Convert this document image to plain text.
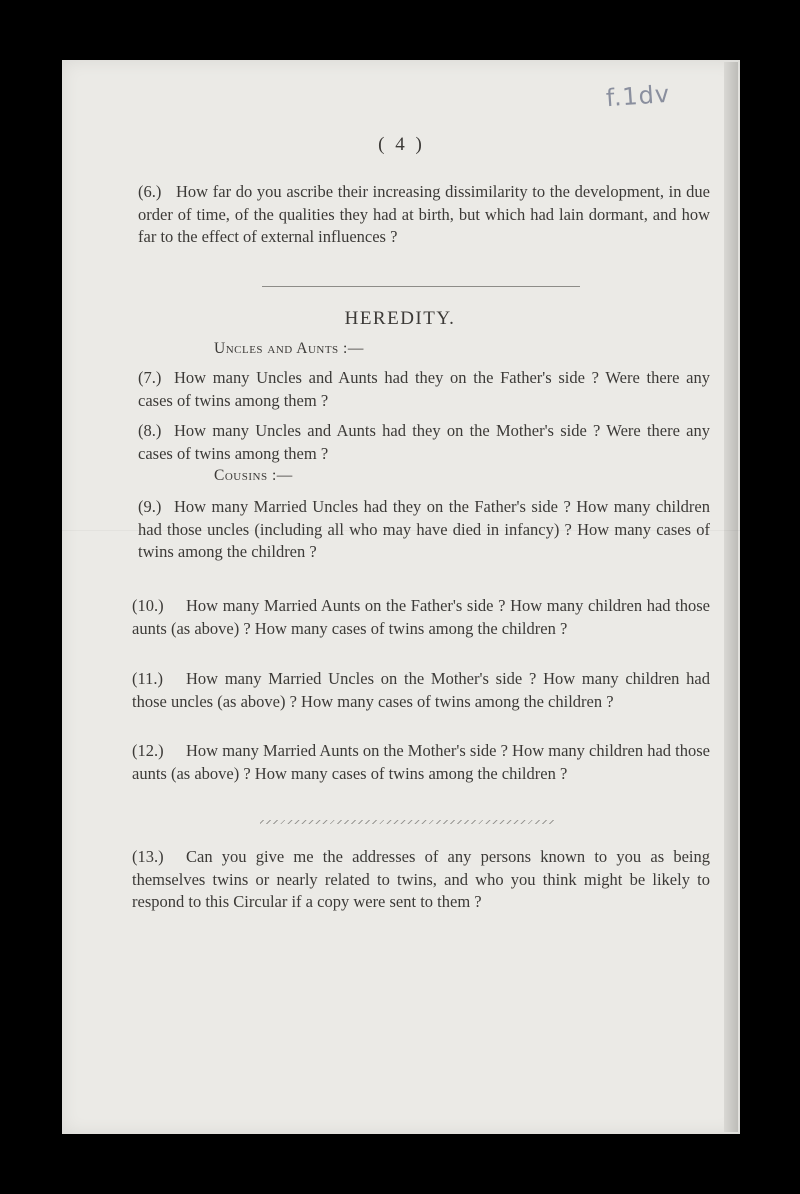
f.1dv
( 4 )
(6.) How far do you ascribe their increasing dissimilarity to the development, in due order of time, of the qualities they had at birth, but which had lain dormant, and how far to the effect of external influences ?
HEREDITY.
Uncles and Aunts :—
(7.) How many Uncles and Aunts had they on the Father's side ? Were there any cases of twins among them ?
(8.) How many Uncles and Aunts had they on the Mother's side ? Were there any cases of twins among them ?
Cousins :—
(9.) How many Married Uncles had they on the Father's side ? How many children had those uncles (including all who may have died in infancy) ? How many cases of twins among the children ?
(10.)	How many Married Aunts on the Father's side ? How many children had those aunts (as above) ? How many cases of twins among the children ?
(11.)	How many Married Uncles on the Mother's side ? How many children had those uncles (as above) ? How many cases of twins among the children ?
(12.)	How many Married Aunts on the Mother's side ? How many children had those aunts (as above) ? How many cases of twins among the children ?
(13.)	Can you give me the addresses of any persons known to you as being themselves twins or nearly related to twins, and who you think might be likely to respond to this Circular if a copy were sent to them ?
